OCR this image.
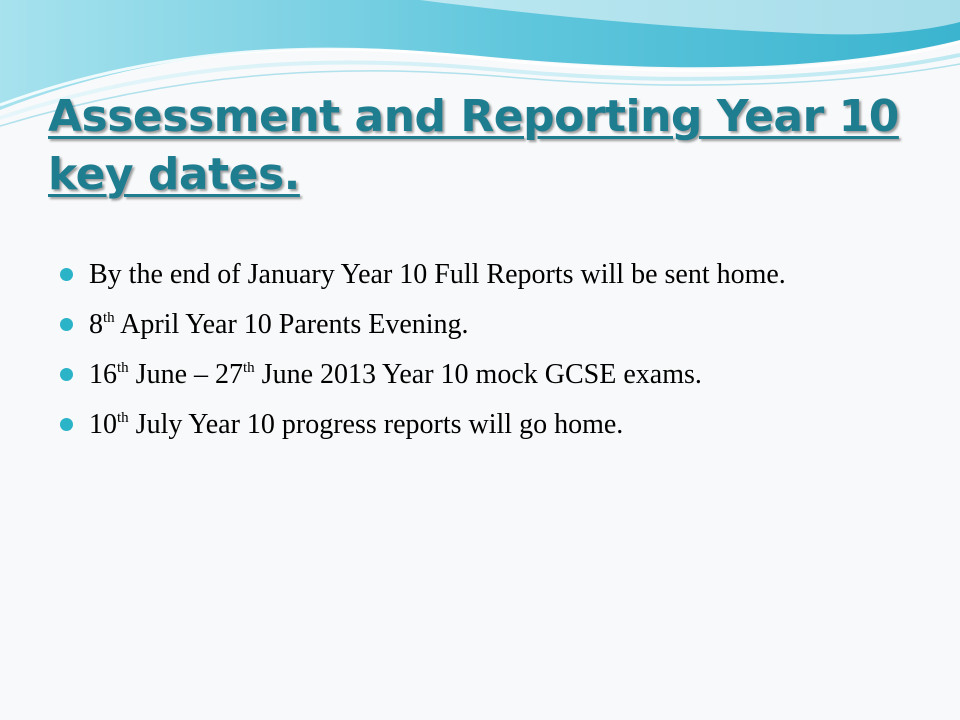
Assessment and Reporting Year 10 key dates.
By the end of January Year 10 Full Reports will be sent home.
8th April Year 10 Parents Evening.
16th June – 27th June 2013 Year 10 mock GCSE exams.
10th July Year 10 progress reports will go home.
